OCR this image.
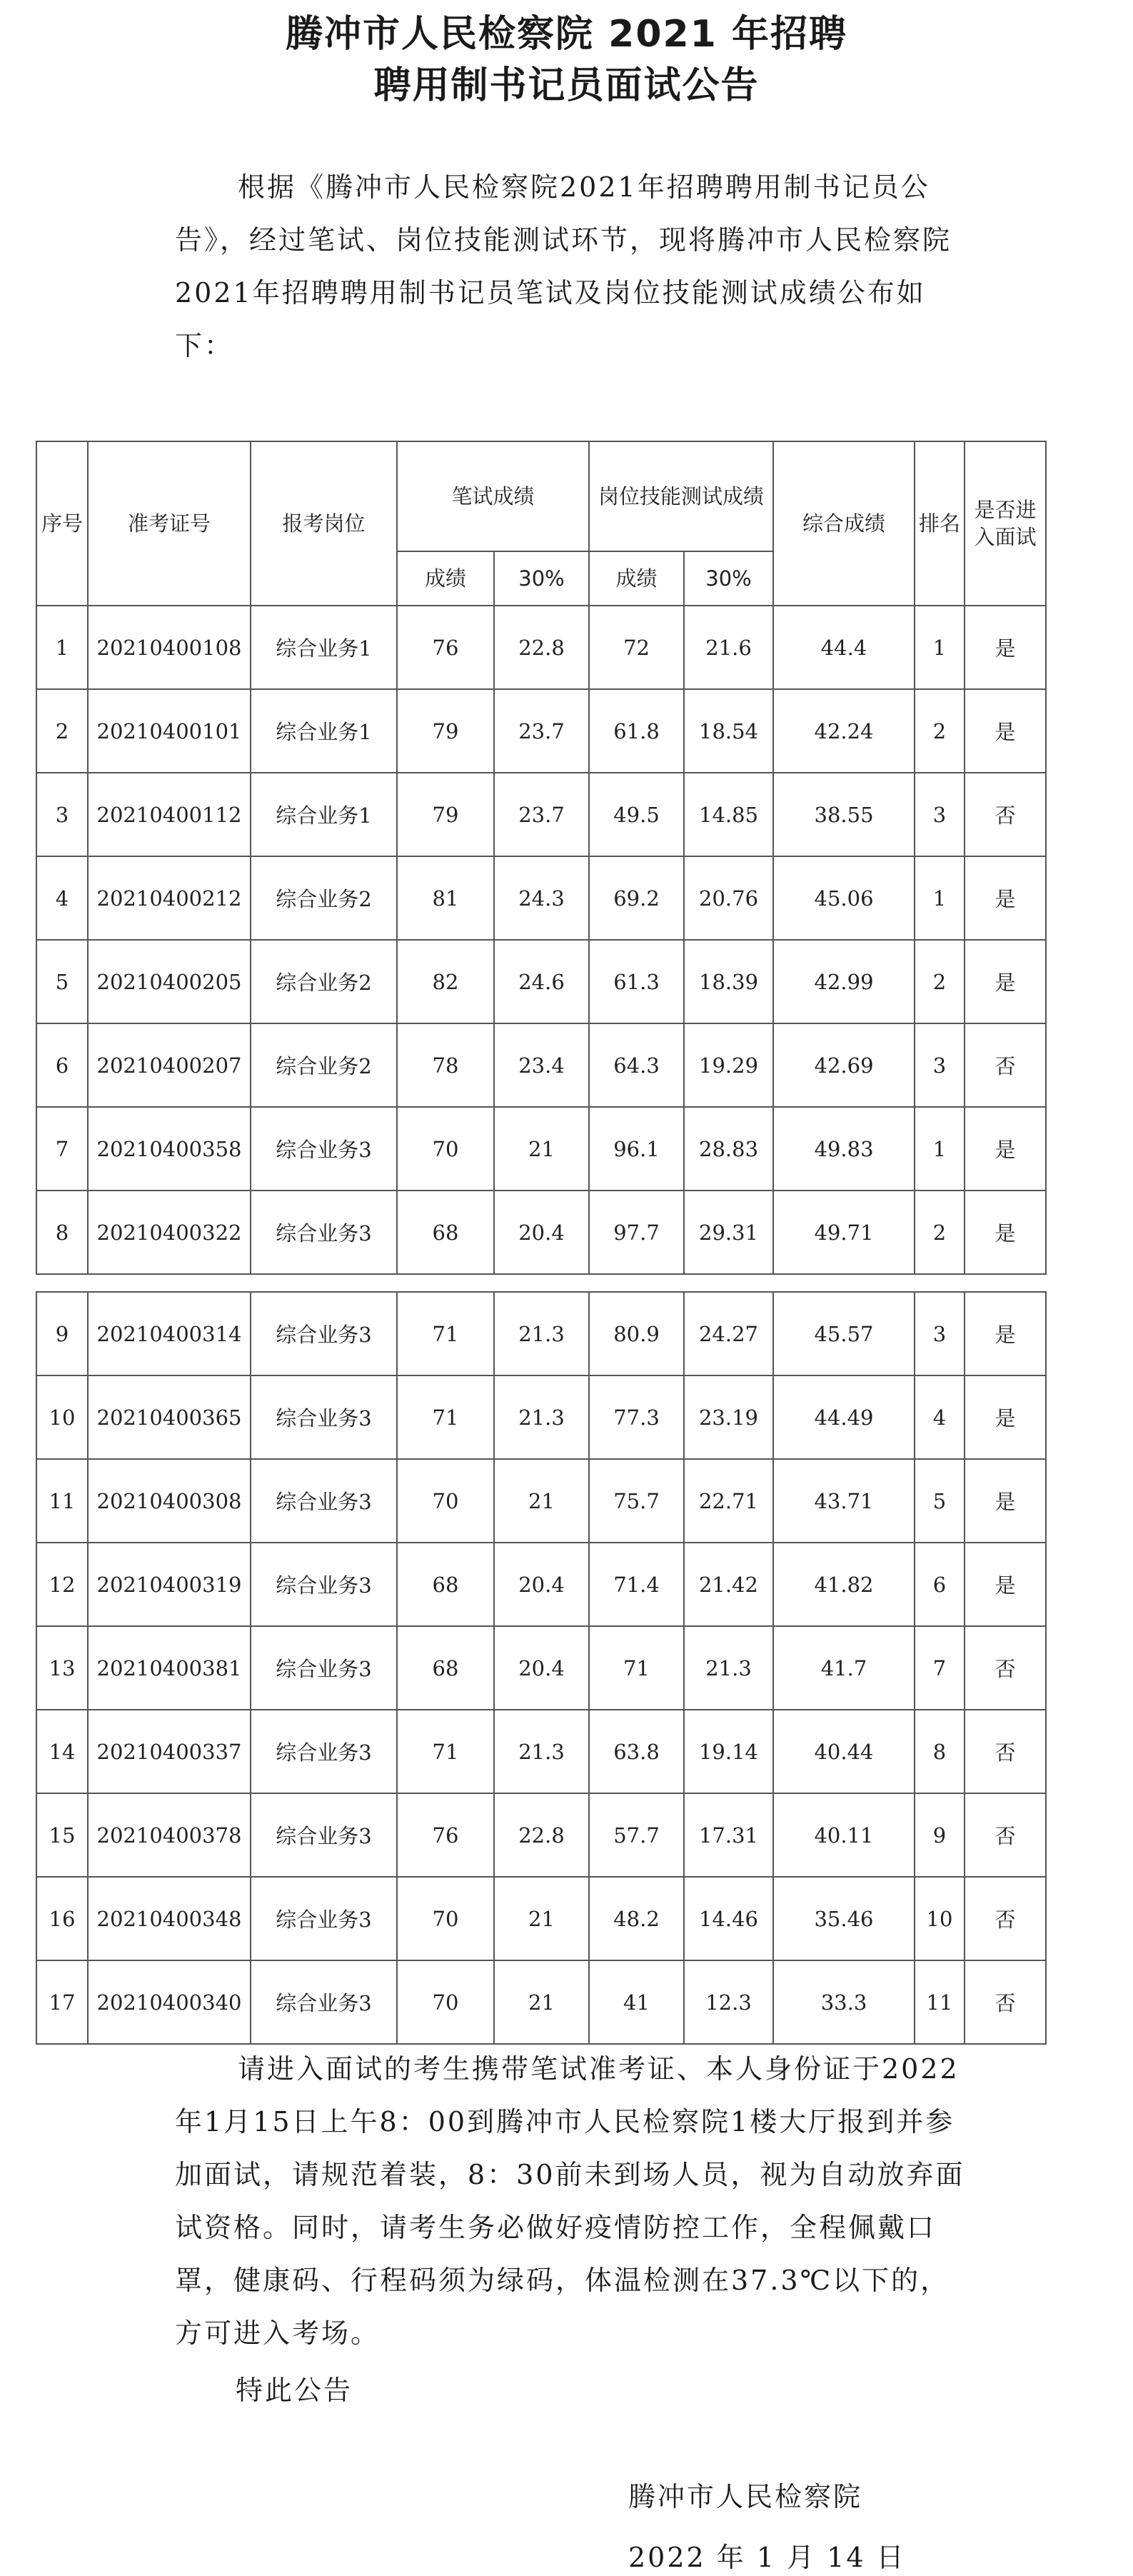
腾冲市人民检察院 2021 年招聘
聘用制书记员面试公告
根据《腾冲市人民检察院2021年招聘聘用制书记员公告》，经过笔试、岗位技能测试环节，现将腾冲市人民检察院2021年招聘聘用制书记员笔试及岗位技能测试成绩公布如下：
序号	准考证号	报考岗位	笔试成绩		岗位技能测试成绩		综合成绩	排名	是否进入面试
			成绩	30%	成绩	30%			
1	20210400108	综合业务1	76	22.8	72	21.6	44.4	1	是
2	20210400101	综合业务1	79	23.7	61.8	18.54	42.24	2	是
3	20210400112	综合业务1	79	23.7	49.5	14.85	38.55	3	否
4	20210400212	综合业务2	81	24.3	69.2	20.76	45.06	1	是
5	20210400205	综合业务2	82	24.6	61.3	18.39	42.99	2	是
6	20210400207	综合业务2	78	23.4	64.3	19.29	42.69	3	否
7	20210400358	综合业务3	70	21	96.1	28.83	49.83	1	是
8	20210400322	综合业务3	68	20.4	97.7	29.31	49.71	2	是
9	20210400314	综合业务3	71	21.3	80.9	24.27	45.57	3	是
10	20210400365	综合业务3	71	21.3	77.3	23.19	44.49	4	是
11	20210400308	综合业务3	70	21	75.7	22.71	43.71	5	是
12	20210400319	综合业务3	68	20.4	71.4	21.42	41.82	6	是
13	20210400381	综合业务3	68	20.4	71	21.3	41.7	7	否
14	20210400337	综合业务3	71	21.3	63.8	19.14	40.44	8	否
15	20210400378	综合业务3	76	22.8	57.7	17.31	40.11	9	否
16	20210400348	综合业务3	70	21	48.2	14.46	35.46	10	否
17	20210400340	综合业务3	70	21	41	12.3	33.3	11	否
请进入面试的考生携带笔试准考证、本人身份证于2022年1月15日上午8：00到腾冲市人民检察院1楼大厅报到并参加面试，请规范着装，8：30前未到场人员，视为自动放弃面试资格。同时，请考生务必做好疫情防控工作，全程佩戴口罩，健康码、行程码须为绿码，体温检测在37.3℃以下的，方可进入考场。
特此公告
腾冲市人民检察院
2022 年 1 月 14 日
